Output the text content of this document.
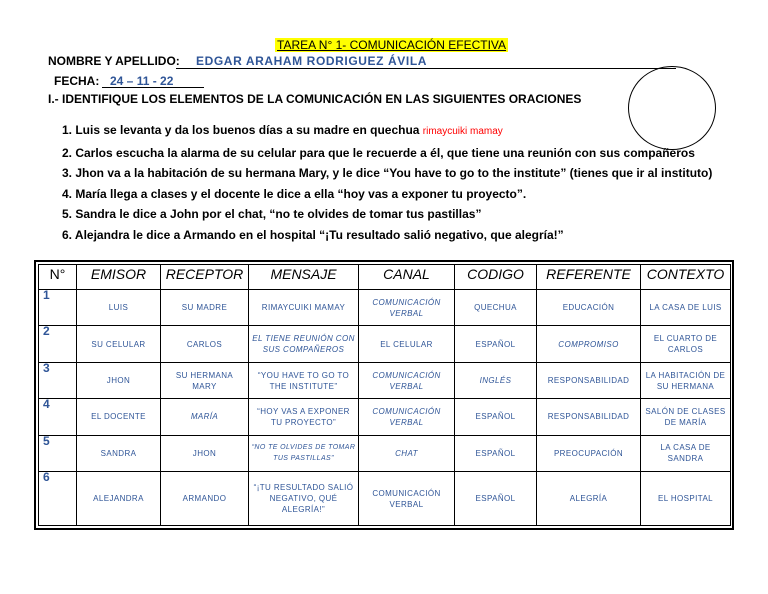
TAREA N° 1- COMUNICACIÓN EFECTIVA
NOMBRE Y APELLIDO: EDGAR ARAHAM RODRIGUEZ ÁVILA
FECHA: 24 – 11 - 22
I.- IDENTIFIQUE LOS ELEMENTOS DE LA COMUNICACIÓN EN LAS SIGUIENTES ORACIONES
1. Luis se levanta y da los buenos días a su madre en quechua rimaycuiki mamay
2. Carlos escucha la alarma de su celular para que le recuerde a él, que tiene una reunión con sus compañeros
3. Jhon va a la habitación de su hermana Mary, y le dice “You have to go to the institute” (tienes que ir al instituto)
4. María llega a clases y el docente le dice a ella “hoy vas a exponer tu proyecto”.
5. Sandra le dice a John por el chat, “no te olvides de tomar tus pastillas”
6. Alejandra le dice a Armando en el hospital “¡Tu resultado salió negativo, que alegría!”
N°	EMISOR	RECEPTOR	MENSAJE	CANAL	CODIGO	REFERENTE	CONTEXTO
1	LUIS	SU MADRE	RIMAYCUIKI MAMAY	COMUNICACIÓN VERBAL	QUECHUA	EDUCACIÓN	LA CASA DE LUIS
2	SU CELULAR	CARLOS	EL TIENE REUNIÓN CON SUS COMPAÑEROS	EL CELULAR	ESPAÑOL	COMPROMISO	EL CUARTO DE CARLOS
3	JHON	SU HERMANA MARY	“YOU HAVE TO GO TO THE INSTITUTE”	COMUNICACIÓN VERBAL	INGLÉS	RESPONSABILIDAD	LA HABITACIÓN DE SU HERMANA
4	EL DOCENTE	MARÍA	“HOY VAS A EXPONER TU PROYECTO”	COMUNICACIÓN VERBAL	ESPAÑOL	RESPONSABILIDAD	SALÓN DE CLASES DE MARÍA
5	SANDRA	JHON	“NO TE OLVIDES DE TOMAR TUS PASTILLAS”	CHAT	ESPAÑOL	PREOCUPACIÓN	LA CASA DE SANDRA
6	ALEJANDRA	ARMANDO	“¡TU RESULTADO SALIÓ NEGATIVO, QUÉ ALEGRÍA!”	COMUNICACIÓN VERBAL	ESPAÑOL	ALEGRÍA	EL HOSPITAL
